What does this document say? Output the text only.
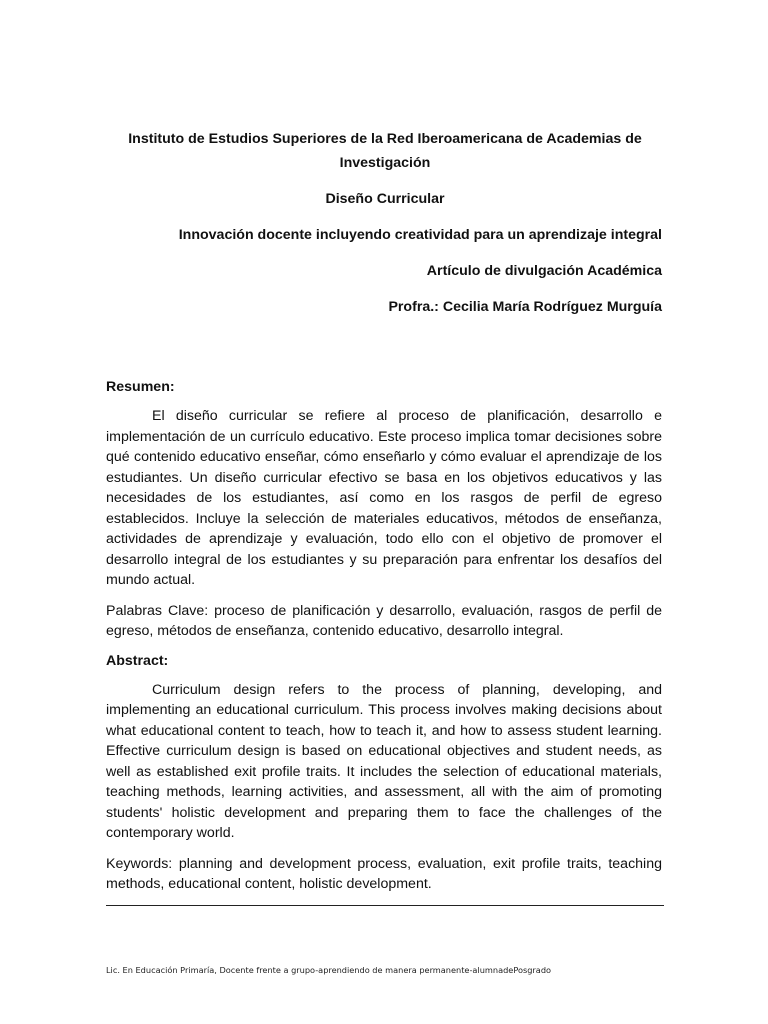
Instituto de Estudios Superiores de la Red Iberoamericana de Academias de

Investigación

Diseño Curricular

Innovación docente incluyendo creatividad para un aprendizaje integral

Artículo de divulgación Académica

Profra.: Cecilia María Rodríguez Murguía

Resumen:

El diseño curricular se refiere al proceso de planificación, desarrollo e implementación de un currículo educativo. Este proceso implica tomar decisiones sobre qué contenido educativo enseñar, cómo enseñarlo y cómo evaluar el aprendizaje de los estudiantes. Un diseño curricular efectivo se basa en los objetivos educativos y las necesidades de los estudiantes, así como en los rasgos de perfil de egreso establecidos. Incluye la selección de materiales educativos, métodos de enseñanza, actividades de aprendizaje y evaluación, todo ello con el objetivo de promover el desarrollo integral de los estudiantes y su preparación para enfrentar los desafíos del mundo actual.

Palabras Clave: proceso de planificación y desarrollo, evaluación, rasgos de perfil de egreso, métodos de enseñanza, contenido educativo, desarrollo integral.

Abstract:

Curriculum design refers to the process of planning, developing, and implementing an educational curriculum. This process involves making decisions about what educational content to teach, how to teach it, and how to assess student learning. Effective curriculum design is based on educational objectives and student needs, as well as established exit profile traits. It includes the selection of educational materials, teaching methods, learning activities, and assessment, all with the aim of promoting students' holistic development and preparing them to face the challenges of the contemporary world.

Keywords: planning and development process, evaluation, exit profile traits, teaching methods, educational content, holistic development.

Lic. En Educación Primaría, Docente frente a grupo-aprendiendo de manera permanente-alumnadePosgrado
